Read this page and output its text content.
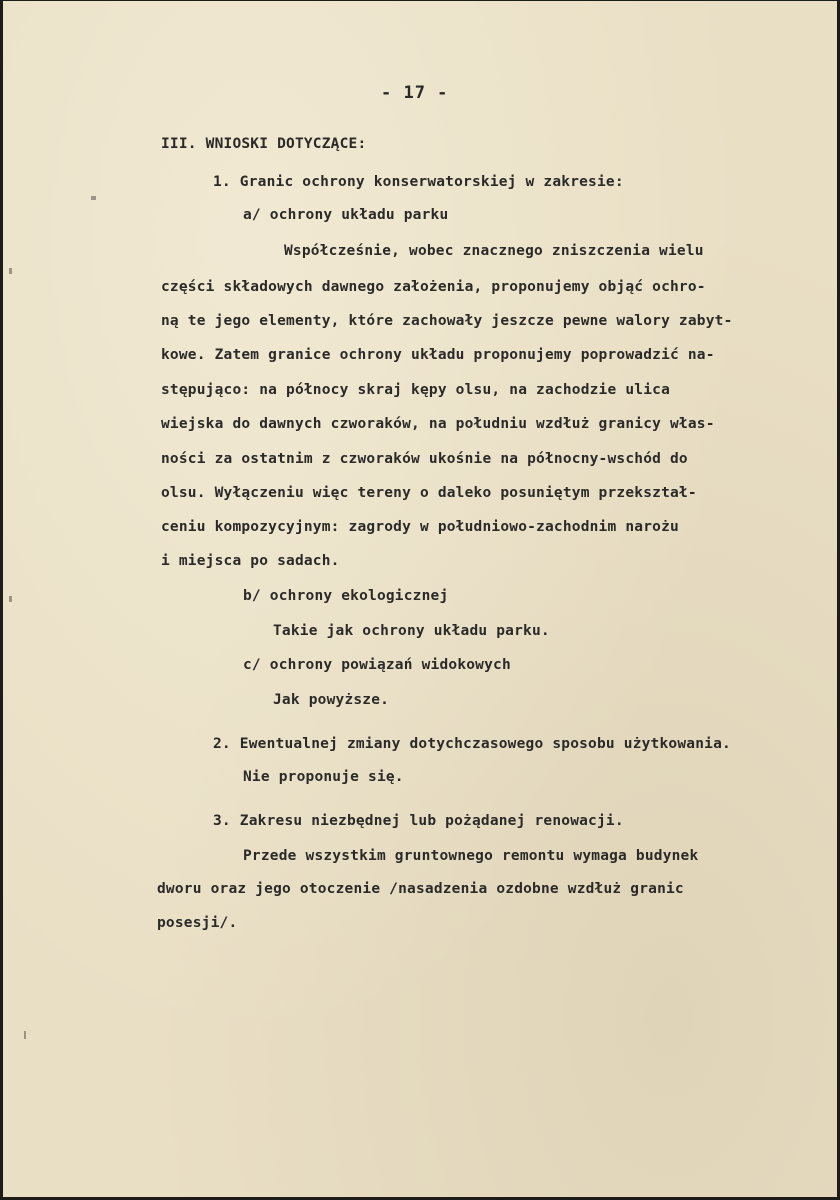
- 17 -
III. WNIOSKI DOTYCZĄCE:
1. Granic ochrony konserwatorskiej w zakresie:
a/ ochrony układu parku
Współcześnie, wobec znacznego zniszczenia wielu
części składowych dawnego założenia, proponujemy objąć ochro-
ną te jego elementy, które zachowały jeszcze pewne walory zabyt-
kowe. Zatem granice ochrony układu proponujemy poprowadzić na-
stępująco: na północy skraj kępy olsu, na zachodzie ulica
wiejska do dawnych czworaków, na południu wzdłuż granicy włas-
ności za ostatnim z czworaków ukośnie na północny-wschód do
olsu. Wyłączeniu więc tereny o daleko posuniętym przekształ-
ceniu kompozycyjnym: zagrody w południowo-zachodnim narożu
i miejsca po sadach.
b/ ochrony ekologicznej
Takie jak ochrony układu parku.
c/ ochrony powiązań widokowych
Jak powyższe.
2. Ewentualnej zmiany dotychczasowego sposobu użytkowania.
Nie proponuje się.
3. Zakresu niezbędnej lub pożądanej renowacji.
Przede wszystkim gruntownego remontu wymaga budynek
dworu oraz jego otoczenie /nasadzenia ozdobne wzdłuż granic
posesji/.
